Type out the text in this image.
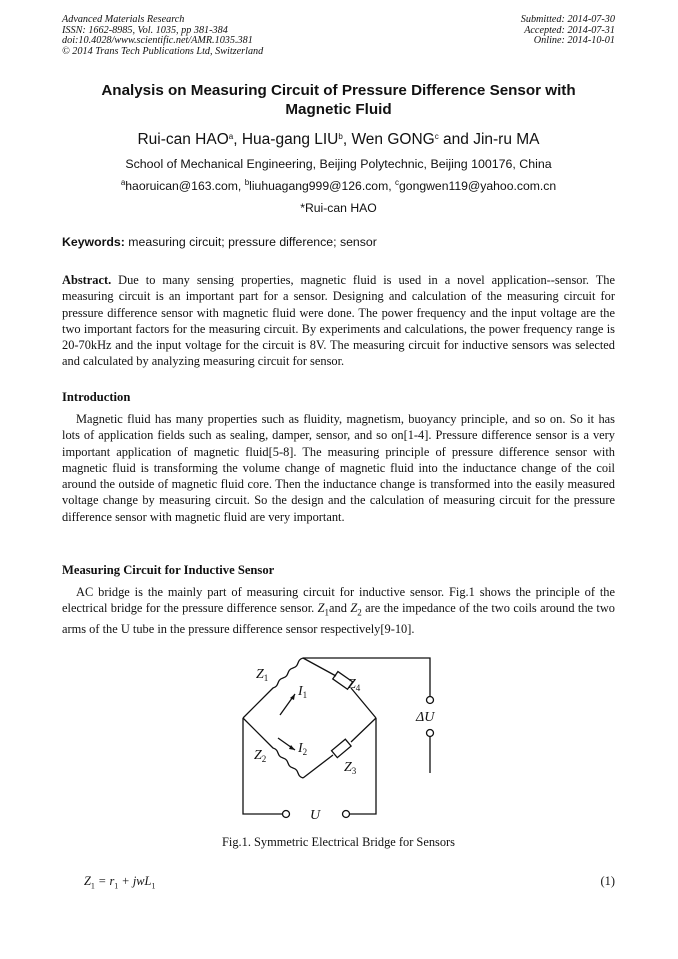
Advanced Materials Research
ISSN: 1662-8985, Vol. 1035, pp 381-384
doi:10.4028/www.scientific.net/AMR.1035.381
© 2014 Trans Tech Publications Ltd, Switzerland
Submitted: 2014-07-30
Accepted: 2014-07-31
Online: 2014-10-01
Analysis on Measuring Circuit of Pressure Difference Sensor with
Magnetic Fluid
Rui-can HAO$^a$, Hua-gang LIU$^b$, Wen GONG$^c$ and Jin-ru MA
School of Mechanical Engineering, Beijing Polytechnic, Beijing 100176, China
$^a$haoruican@163.com, $^b$liuhuagang999@126.com, $^c$gongwen119@yahoo.com.cn
*Rui-can HAO
Keywords: measuring circuit; pressure difference; sensor
Abstract. Due to many sensing properties, magnetic fluid is used in a novel application--sensor. The measuring circuit is an important part for a sensor. Designing and calculation of the measuring circuit for pressure difference sensor with magnetic fluid were done. The power frequency and the input voltage are the two important factors for the measuring circuit. By experiments and calculations, the power frequency range is 20-70kHz and the input voltage for the circuit is 8V. The measuring circuit for inductive sensors was selected and calculated by analyzing measuring circuit for sensor.
Introduction

Magnetic fluid has many properties such as fluidity, magnetism, buoyancy principle, and so on. So it has lots of application fields such as sealing, damper, sensor, and so on[1-4]. Pressure difference sensor is a very important application of magnetic fluid[5-8]. The measuring principle of pressure difference sensor with magnetic fluid is transforming the volume change of magnetic fluid into the inductance change of the coil around the outside of magnetic fluid core. Then the inductance change is transformed into the easily measured voltage change by measuring circuit. So the design and the calculation of measuring circuit for the pressure difference sensor with magnetic fluid are very important.

Measuring Circuit for Inductive Sensor

AC bridge is the mainly part of measuring circuit for inductive sensor. Fig.1 shows the principle of the electrical bridge for the pressure difference sensor. $Z_1and$ $Z_2$ are the impedance of the two coils around the two arms of the U tube in the pressure difference sensor respectively[9-10].

$Z_1$
$Z_2$
$Z_3$
$Z_4$
$I_1$
$I_2$
ΔU
U
Fig.1. Symmetric Electrical Bridge for Sensors
$Z_1 = r_1 + jwL_1$	(1)
